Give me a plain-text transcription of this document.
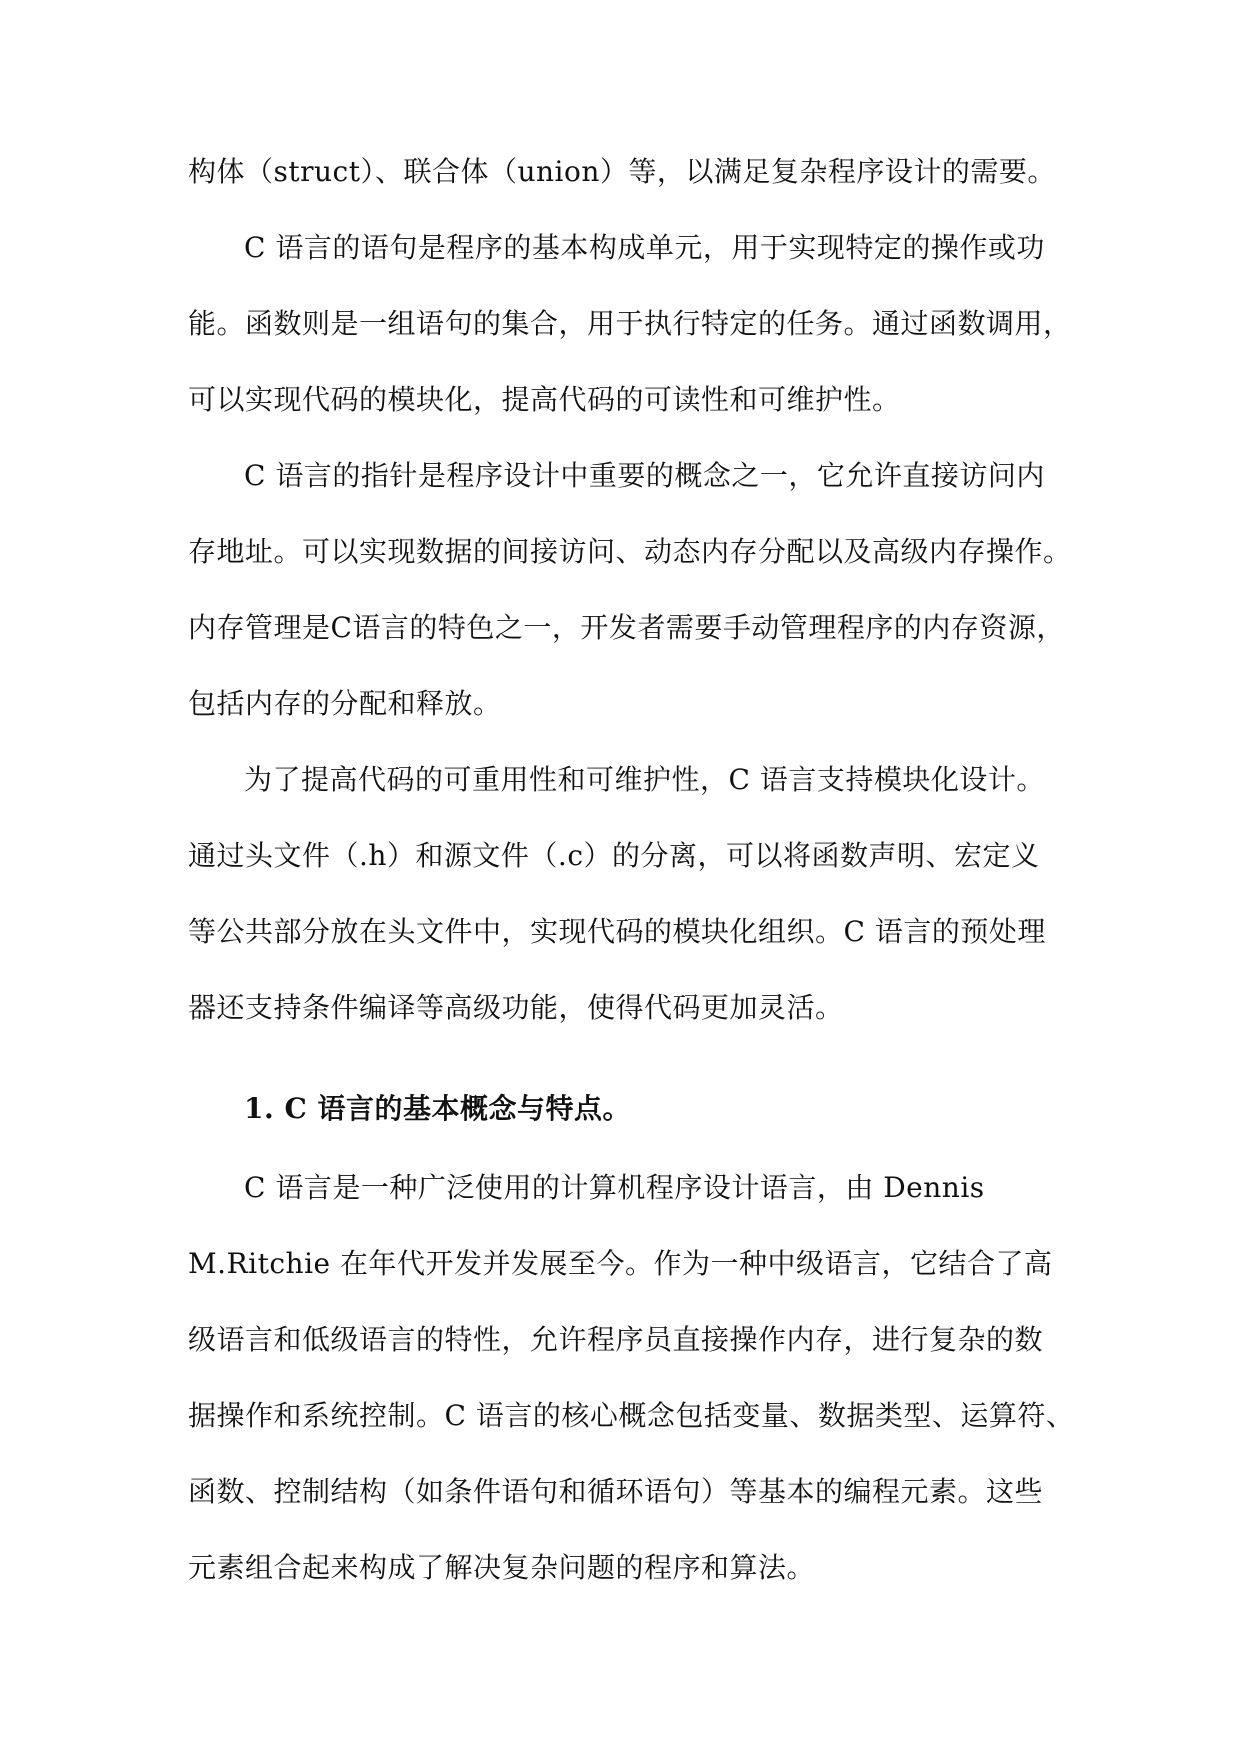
构体（struct）、联合体（union）等，以满足复杂程序设计的需要。
C 语言的语句是程序的基本构成单元，用于实现特定的操作或功
能。函数则是一组语句的集合，用于执行特定的任务。通过函数调用，
可以实现代码的模块化，提高代码的可读性和可维护性。
C 语言的指针是程序设计中重要的概念之一，它允许直接访问内
存地址。可以实现数据的间接访问、动态内存分配以及高级内存操作。
内存管理是C语言的特色之一，开发者需要手动管理程序的内存资源，
包括内存的分配和释放。
为了提高代码的可重用性和可维护性，C 语言支持模块化设计。
通过头文件（.h）和源文件（.c）的分离，可以将函数声明、宏定义
等公共部分放在头文件中，实现代码的模块化组织。C 语言的预处理
器还支持条件编译等高级功能，使得代码更加灵活。
1. C 语言的基本概念与特点。
C 语言是一种广泛使用的计算机程序设计语言，由 Dennis
M.Ritchie 在年代开发并发展至今。作为一种中级语言，它结合了高
级语言和低级语言的特性，允许程序员直接操作内存，进行复杂的数
据操作和系统控制。C 语言的核心概念包括变量、数据类型、运算符、
函数、控制结构（如条件语句和循环语句）等基本的编程元素。这些
元素组合起来构成了解决复杂问题的程序和算法。
